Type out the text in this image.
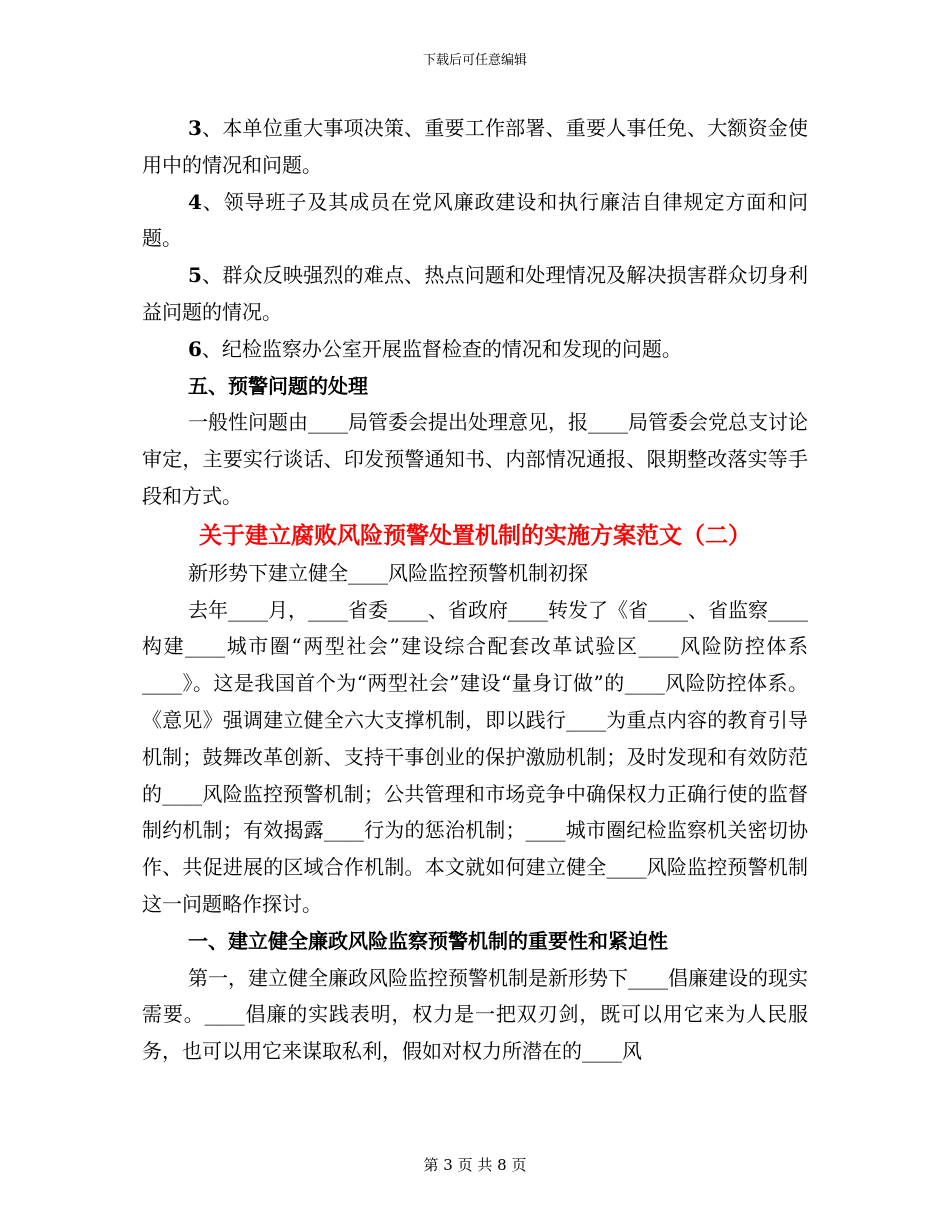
下载后可任意编辑

3、本单位重大事项决策、重要工作部署、重要人事任免、大额资金使用中的情况和问题。

4、领导班子及其成员在党风廉政建设和执行廉洁自律规定方面和问题。

5、群众反映强烈的难点、热点问题和处理情况及解决损害群众切身利益问题的情况。

6、纪检监察办公室开展监督检查的情况和发现的问题。

五、预警问题的处理

一般性问题由____局管委会提出处理意见，报____局管委会党总支讨论审定，主要实行谈话、印发预警通知书、内部情况通报、限期整改落实等手段和方式。

关于建立腐败风险预警处置机制的实施方案范文（二）

新形势下建立健全____风险监控预警机制初探

去年____月，____省委____、省政府____转发了《省____、省监察____构建____城市圈“两型社会”建设综合配套改革试验区____风险防控体系____》。这是我国首个为“两型社会”建设“量身订做”的____风险防控体系。《意见》强调建立健全六大支撑机制，即以践行____为重点内容的教育引导机制；鼓舞改革创新、支持干事创业的保护激励机制；及时发现和有效防范的____风险监控预警机制；公共管理和市场竞争中确保权力正确行使的监督制约机制；有效揭露____行为的惩治机制；____城市圈纪检监察机关密切协作、共促进展的区域合作机制。本文就如何建立健全____风险监控预警机制这一问题略作探讨。

一、建立健全廉政风险监察预警机制的重要性和紧迫性

第一，建立健全廉政风险监控预警机制是新形势下____倡廉建设的现实需要。____倡廉的实践表明，权力是一把双刃剑，既可以用它来为人民服务，也可以用它来谋取私利，假如对权力所潜在的____风

第 3 页 共 8 页
